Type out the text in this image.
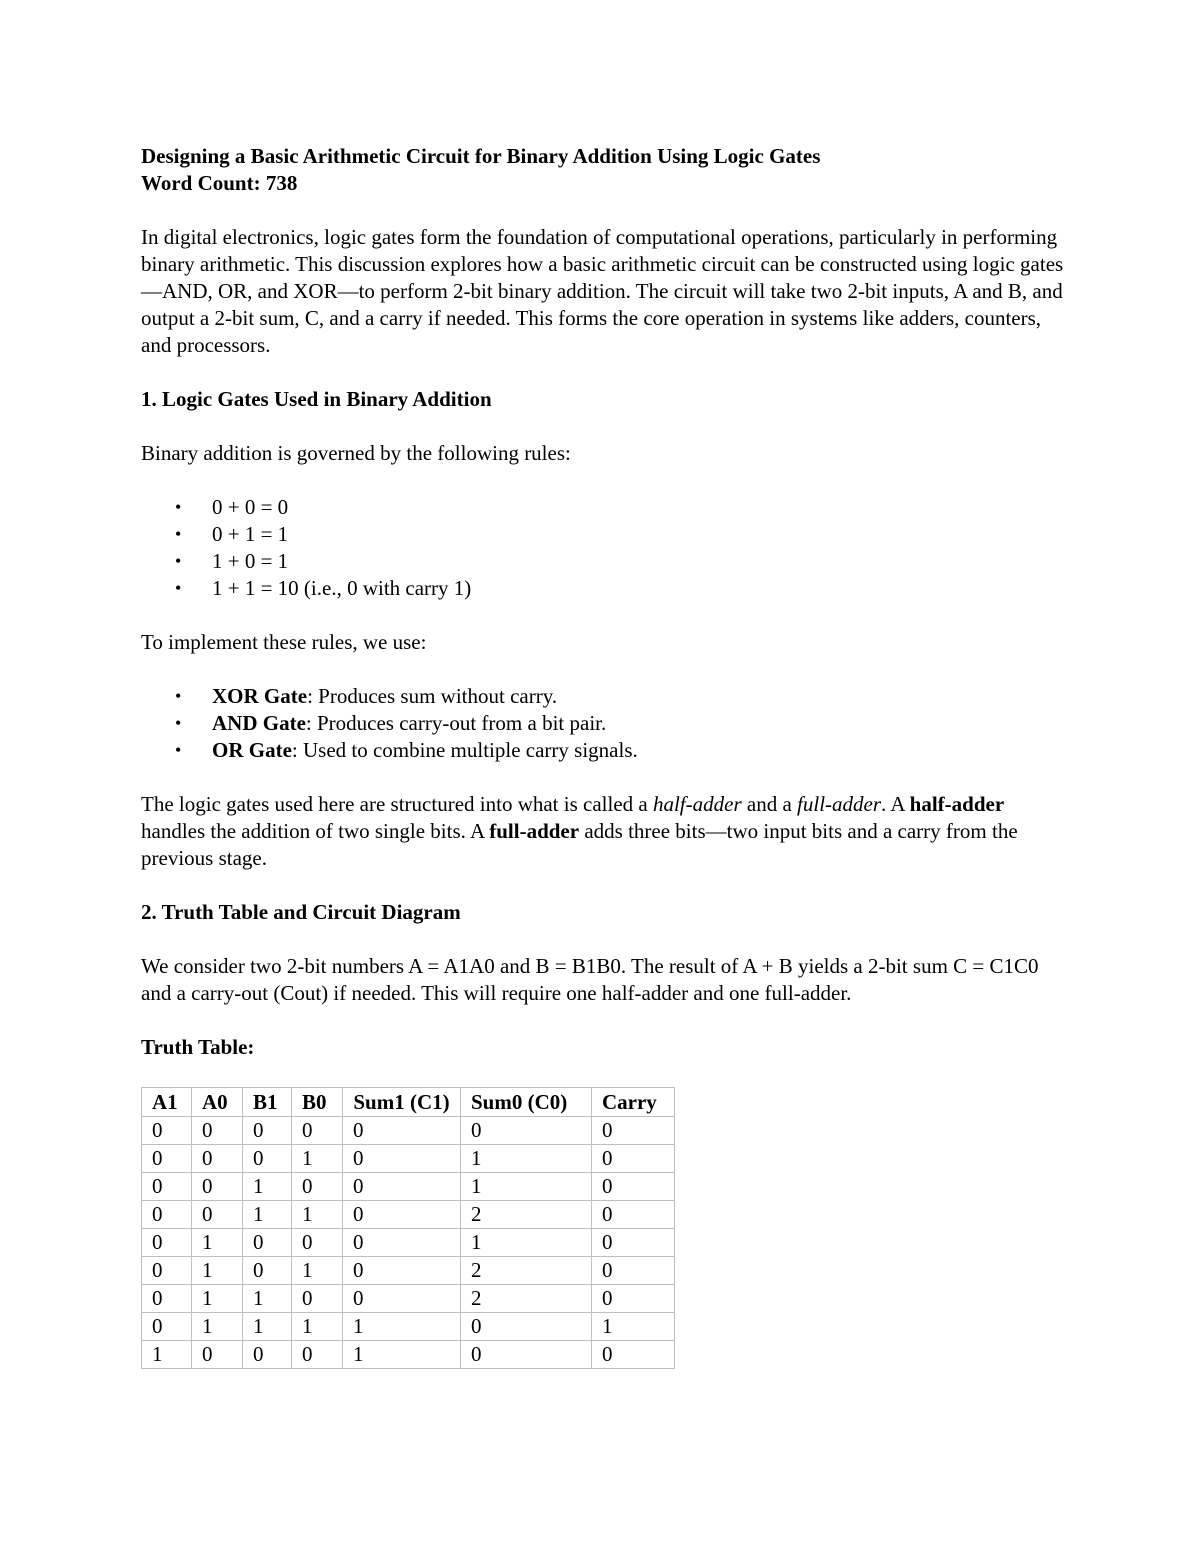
Designing a Basic Arithmetic Circuit for Binary Addition Using Logic Gates
Word Count: 738

In digital electronics, logic gates form the foundation of computational operations, particularly in performing binary arithmetic. This discussion explores how a basic arithmetic circuit can be constructed using logic gates—AND, OR, and XOR—to perform 2-bit binary addition. The circuit will take two 2-bit inputs, A and B, and output a 2-bit sum, C, and a carry if needed. This forms the core operation in systems like adders, counters, and processors.

1. Logic Gates Used in Binary Addition

Binary addition is governed by the following rules:

• 0 + 0 = 0
• 0 + 1 = 1
• 1 + 0 = 1
• 1 + 1 = 10 (i.e., 0 with carry 1)

To implement these rules, we use:

• XOR Gate: Produces sum without carry.
• AND Gate: Produces carry-out from a bit pair.
• OR Gate: Used to combine multiple carry signals.

The logic gates used here are structured into what is called a half-adder and a full-adder. A half-adder handles the addition of two single bits. A full-adder adds three bits—two input bits and a carry from the previous stage.

2. Truth Table and Circuit Diagram

We consider two 2-bit numbers A = A1A0 and B = B1B0. The result of A + B yields a 2-bit sum C = C1C0 and a carry-out (Cout) if needed. This will require one half-adder and one full-adder.

Truth Table:
A1	A0	B1	B0	Sum1 (C1)	Sum0 (C0)	Carry
0	0	0	0	0	0	0
0	0	0	1	0	1	0
0	0	1	0	0	1	0
0	0	1	1	0	2	0
0	1	0	0	0	1	0
0	1	0	1	0	2	0
0	1	1	0	0	2	0
0	1	1	1	1	0	1
1	0	0	0	1	0	0
